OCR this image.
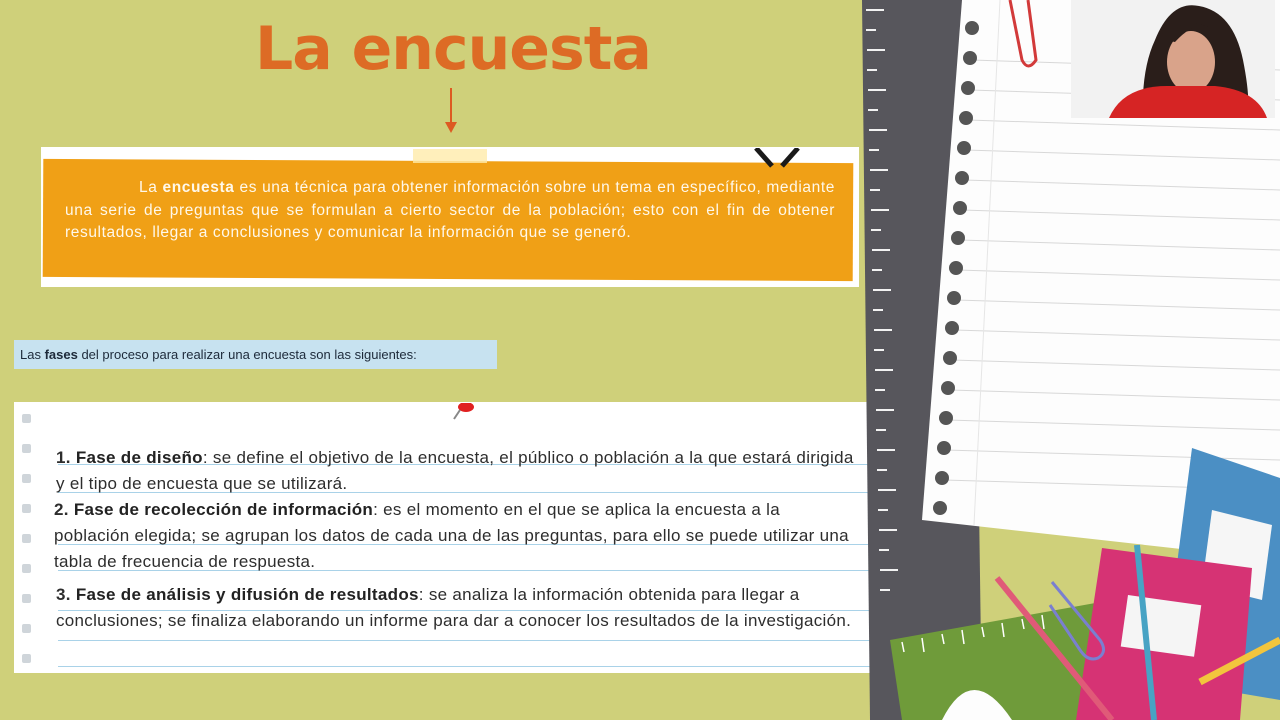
La encuesta

La encuesta es una técnica para obtener información sobre un tema en específico, mediante una serie de preguntas que se formulan a cierto sector de la población; esto con el fin de obtener resultados, llegar a conclusiones y comunicar la información que se generó.

Las fases del proceso para realizar una encuesta son las siguientes:

1. Fase de diseño: se define el objetivo de la encuesta, el público o población a la que estará dirigida y el tipo de encuesta que se utilizará.

2. Fase de recolección de información: es el momento en el que se aplica la encuesta a la población elegida; se agrupan los datos de cada una de las preguntas, para ello se puede utilizar una tabla de frecuencia de respuesta.

3. Fase de análisis y difusión de resultados: se analiza la información obtenida para llegar a conclusiones; se finaliza elaborando un informe para dar a conocer los resultados de la investigación.
